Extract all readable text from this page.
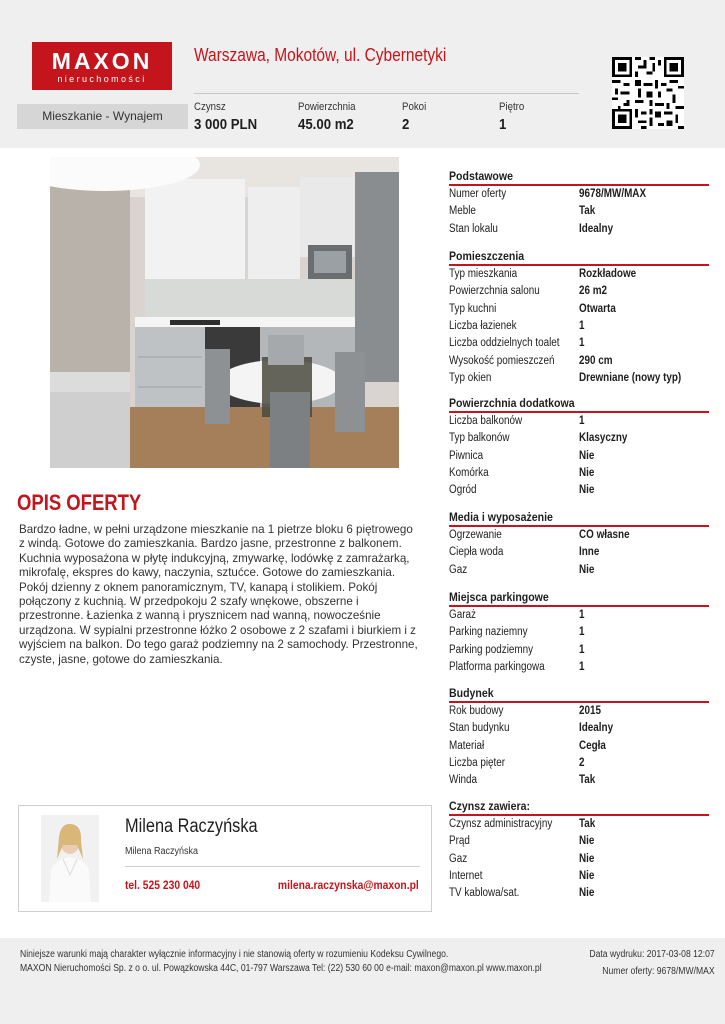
MAXON
nieruchomości
Warszawa, Mokotów, ul. Cybernetyki
Mieszkanie - Wynajem
Czynsz
3 000 PLN
Powierzchnia
45.00 m2
Pokoi
2
Piętro
1
OPIS OFERTY
Bardzo ładne, w pełni urządzone mieszkanie na 1 pietrze bloku 6 piętrowego z windą. Gotowe do zamieszkania. Bardzo jasne, przestronne z balkonem. Kuchnia wyposażona w płytę indukcyjną, zmywarkę, lodówkę z zamrażarką, mikrofalę, ekspres do kawy, naczynia, sztućce. Gotowe do zamieszkania. Pokój dzienny z oknem panoramicznym, TV, kanapą i stolikiem. Pokój połączony z kuchnią. W przedpokoju 2 szafy wnękowe, obszerne i przestronne. Łazienka z wanną i prysznicem nad wanną, nowocześnie urządzona. W sypialni przestronne łóżko 2 osobowe z 2 szafami i biurkiem i z wyjściem na balkon. Do tego garaż podziemny na 2 samochody. Przestronne, czyste, jasne, gotowe do zamieszkania.
Podstawowe
Numer oferty	9678/MW/MAX
Meble	Tak
Stan lokalu	Idealny
Pomieszczenia
Typ mieszkania	Rozkładowe
Powierzchnia salonu	26 m2
Typ kuchni	Otwarta
Liczba łazienek	1
Liczba oddzielnych toalet 1
Wysokość pomieszczeń 290 cm
Typ okien	Drewniane (nowy typ)
Powierzchnia dodatkowa
Liczba balkonów	1
Typ balkonów	Klasyczny
Piwnica	Nie
Komórka	Nie
Ogród	Nie
Media i wyposażenie
Ogrzewanie	CO własne
Ciepła woda	Inne
Gaz	Nie
Miejsca parkingowe
Garaż	1
Parking naziemny	1
Parking podziemny	1
Platforma parkingowa	1
Budynek
Rok budowy	2015
Stan budynku	Idealny
Materiał	Cegła
Liczba pięter	2
Winda	Tak
Czynsz zawiera:
Czynsz administracyjny Tak
Prąd	Nie
Gaz	Nie
Internet	Nie
TV kablowa/sat.	Nie
Milena Raczyńska
Milena Raczyńska
tel. 525 230 040	milena.raczynska@maxon.pl
Niniejsze warunki mają charakter wyłącznie informacyjny i nie stanowią oferty w rozumieniu Kodeksu Cywilnego.
MAXON Nieruchomości Sp. z o o. ul. Powązkowska 44C, 01-797 Warszawa Tel: (22) 530 60 00 e-mail: maxon@maxon.pl www.maxon.pl
Data wydruku: 2017-03-08 12:07
Numer oferty: 9678/MW/MAX
